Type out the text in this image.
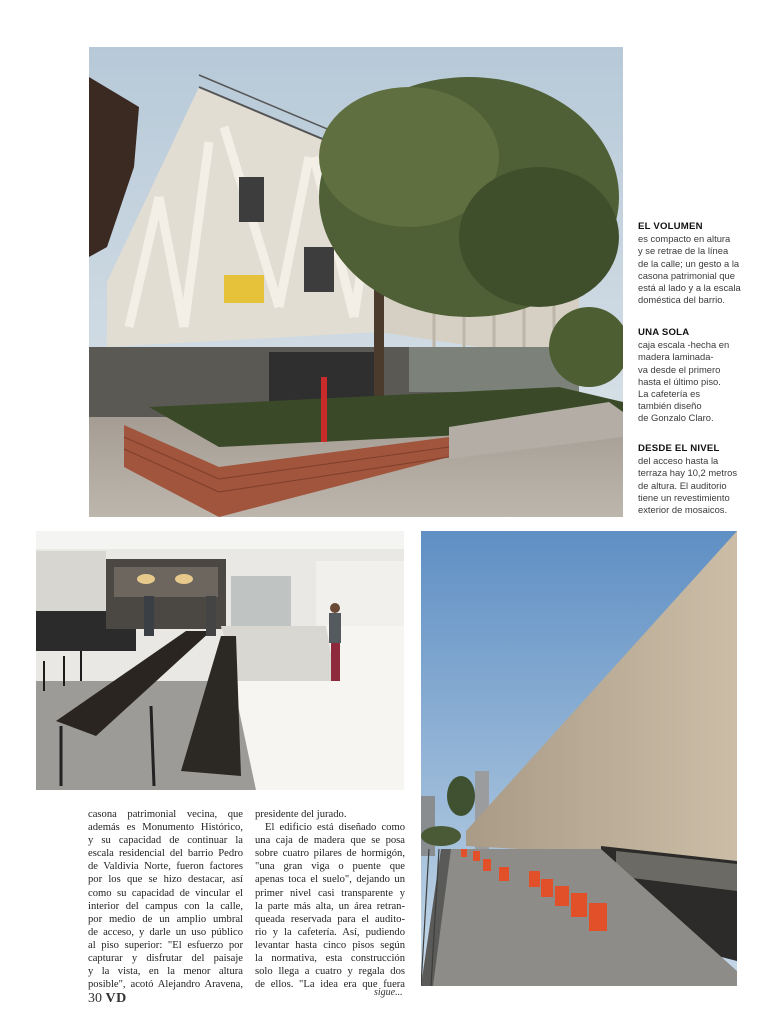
EL VOLUMEN
es compacto en altura
y se retrae de la línea
de la calle; un gesto a la
casona patrimonial que
está al lado y a la escala
doméstica del barrio.
UNA SOLA
caja escala -hecha en
madera laminada-
va desde el primero
hasta el último piso.
La cafetería es
también diseño
de Gonzalo Claro.
DESDE EL NIVEL
del acceso hasta la
terraza hay 10,2 metros
de altura. El auditorio
tiene un revestimiento
exterior de mosaicos.
casona patrimonial vecina, que
además es Monumento Histórico,
y su capacidad de continuar la
escala residencial del barrio Pedro
de Valdivia Norte, fueron factores
por los que se hizo destacar, así
como su capacidad de vincular el
interior del campus con la calle,
por medio de un amplio umbral
de acceso, y darle un uso público
al piso superior: "El esfuerzo por
capturar y disfrutar del paisaje
y la vista, en la menor altura
posible", acotó Alejandro Aravena,
presidente del jurado.
El edificio está diseñado como
una caja de madera que se posa
sobre cuatro pilares de hormigón,
"una gran viga o puente que
apenas toca el suelo", dejando un
primer nivel casi transparente y
la parte más alta, un área retran-
queada reservada para el audito-
rio y la cafetería. Así, pudiendo
levantar hasta cinco pisos según
la normativa, esta construcción
solo llega a cuatro y regala dos
de ellos. "La idea era que fuera
30 VD	sigue...
